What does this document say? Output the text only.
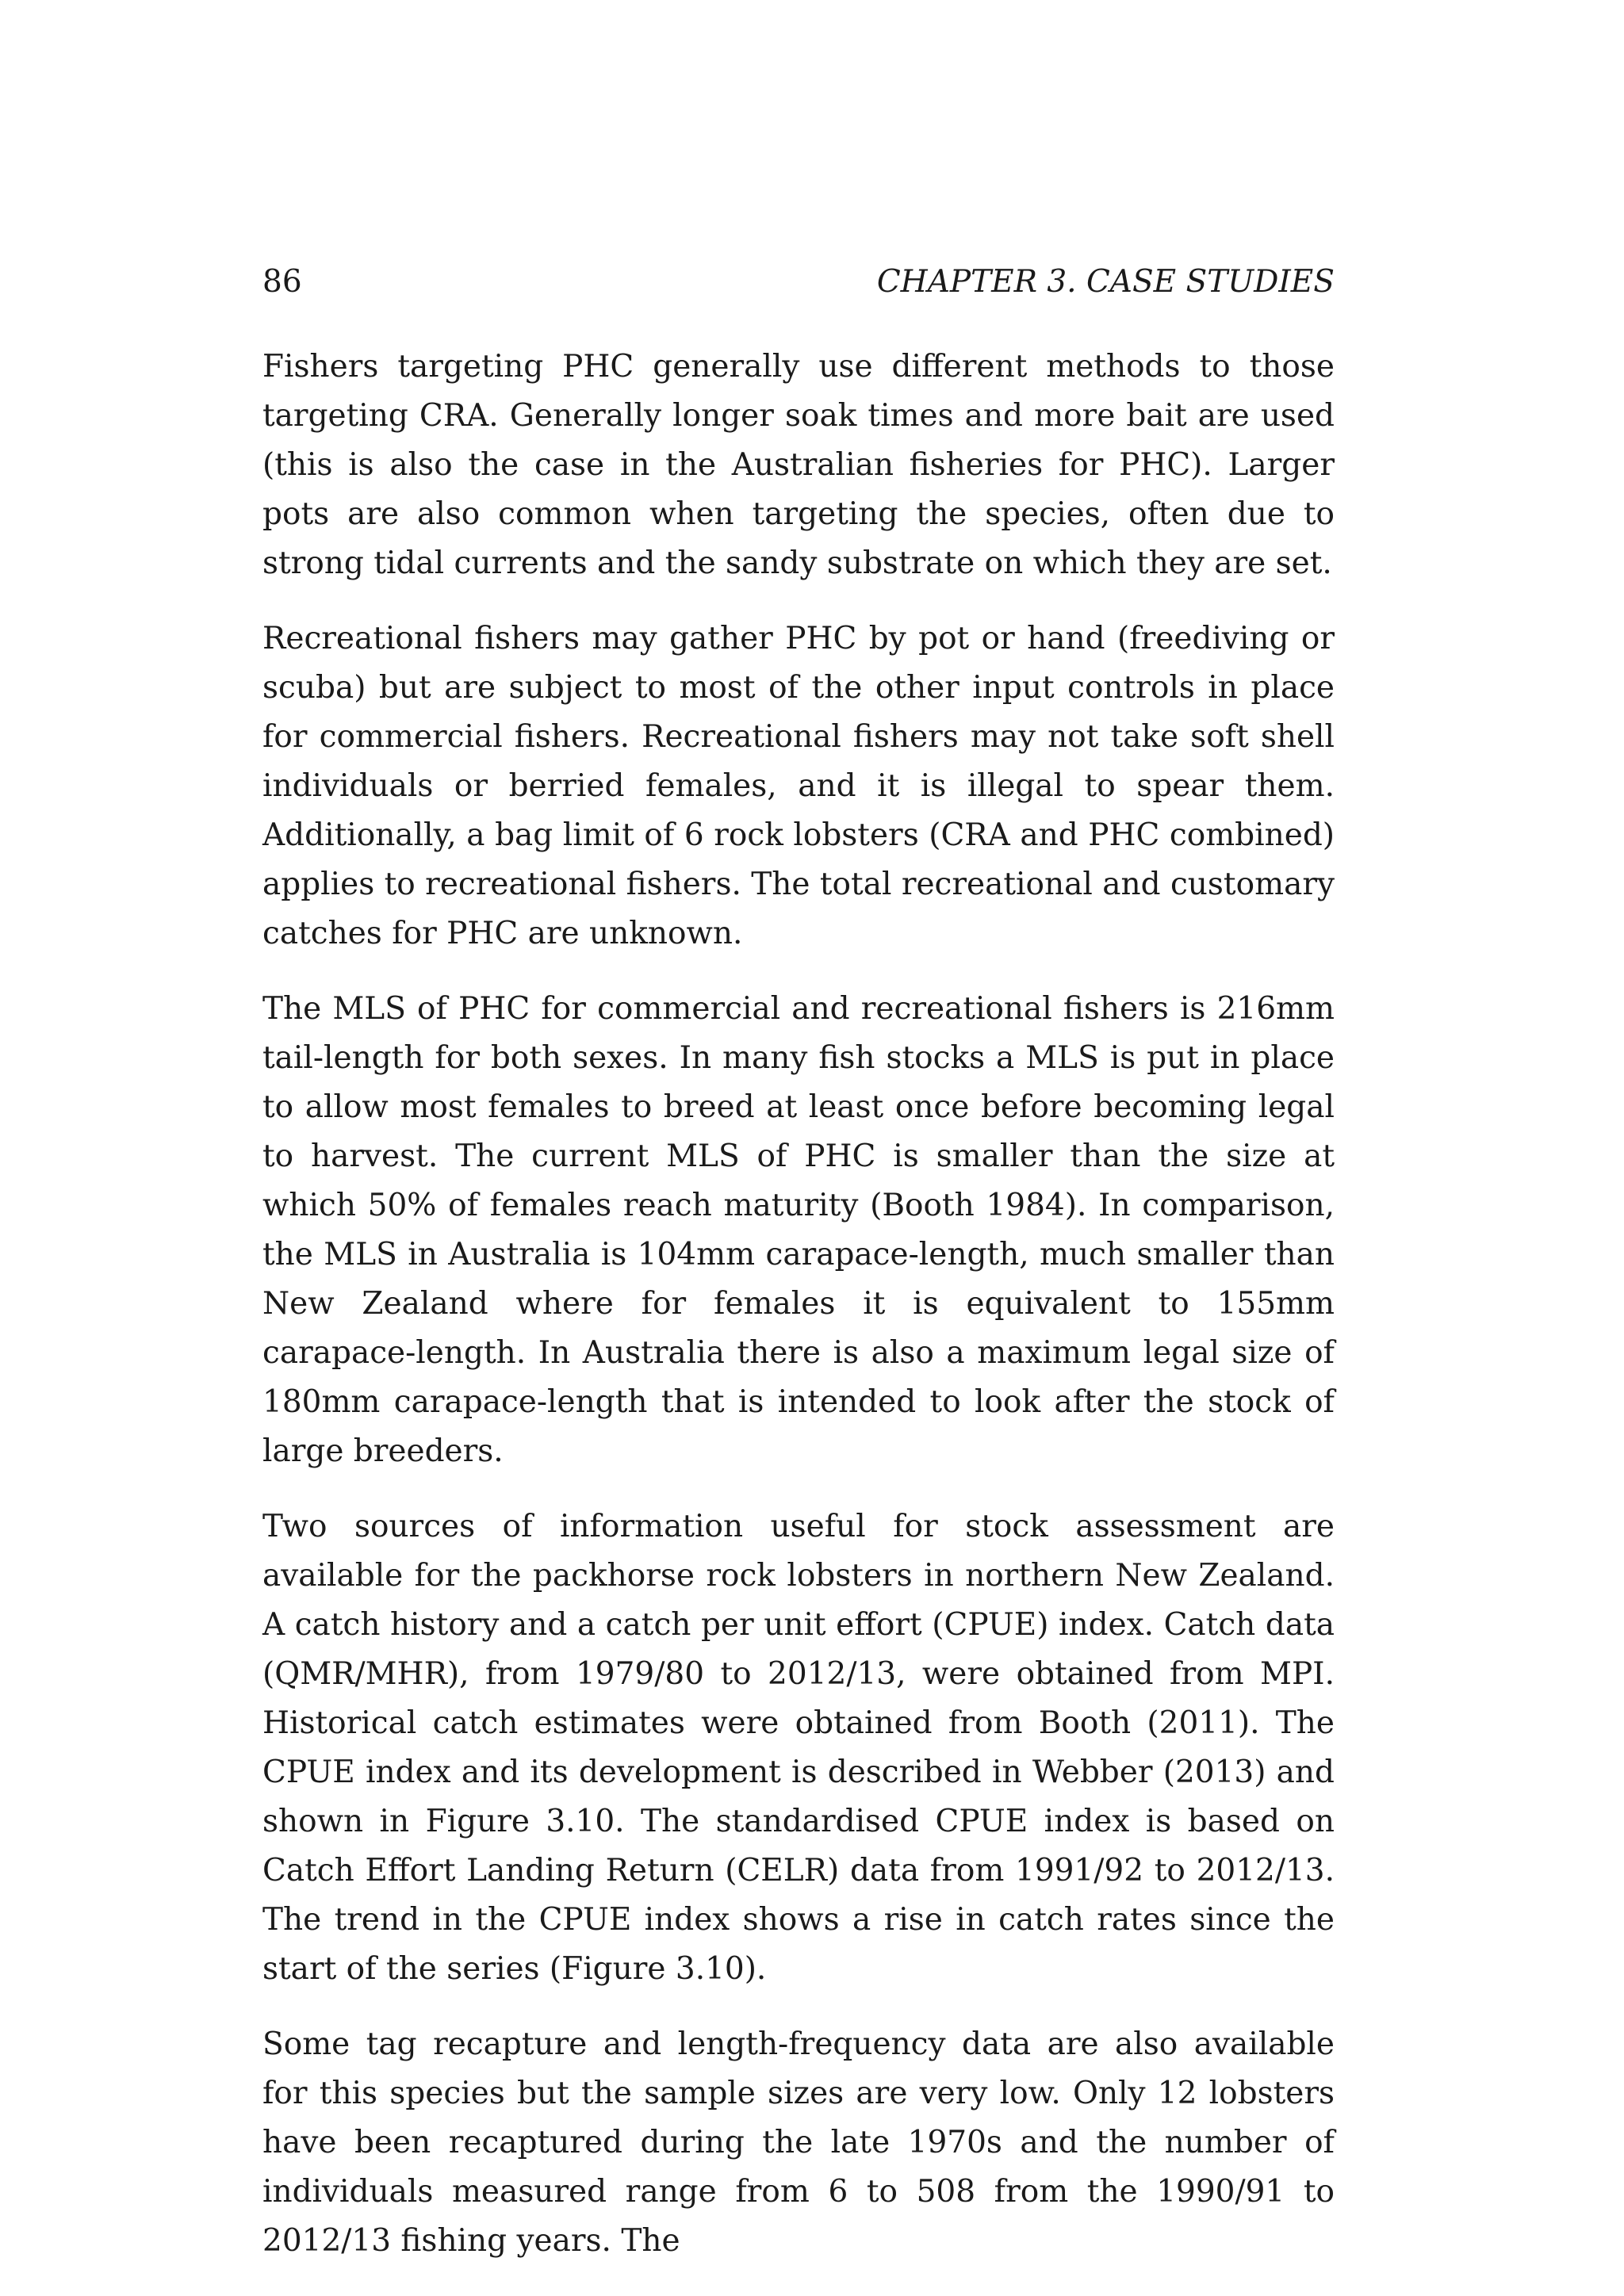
86	CHAPTER 3. CASE STUDIES

Fishers targeting PHC generally use different methods to those targeting CRA. Generally longer soak times and more bait are used (this is also the case in the Australian fisheries for PHC). Larger pots are also common when targeting the species, often due to strong tidal currents and the sandy substrate on which they are set.

Recreational fishers may gather PHC by pot or hand (freediving or scuba) but are subject to most of the other input controls in place for commercial fishers. Recreational fishers may not take soft shell individuals or berried females, and it is illegal to spear them. Additionally, a bag limit of 6 rock lobsters (CRA and PHC combined) applies to recreational fishers. The total recreational and customary catches for PHC are unknown.

The MLS of PHC for commercial and recreational fishers is 216mm tail-length for both sexes. In many fish stocks a MLS is put in place to allow most females to breed at least once before becoming legal to harvest. The current MLS of PHC is smaller than the size at which 50% of females reach maturity (Booth 1984). In comparison, the MLS in Australia is 104mm carapace-length, much smaller than New Zealand where for females it is equivalent to 155mm carapace-length. In Australia there is also a maximum legal size of 180mm carapace-length that is intended to look after the stock of large breeders.

Two sources of information useful for stock assessment are available for the packhorse rock lobsters in northern New Zealand. A catch history and a catch per unit effort (CPUE) index. Catch data (QMR/MHR), from 1979/80 to 2012/13, were obtained from MPI. Historical catch estimates were obtained from Booth (2011). The CPUE index and its development is described in Webber (2013) and shown in Figure 3.10. The standardised CPUE index is based on Catch Effort Landing Return (CELR) data from 1991/92 to 2012/13. The trend in the CPUE index shows a rise in catch rates since the start of the series (Figure 3.10).

Some tag recapture and length-frequency data are also available for this species but the sample sizes are very low. Only 12 lobsters have been recaptured during the late 1970s and the number of individuals measured range from 6 to 508 from the 1990/91 to 2012/13 fishing years. The
